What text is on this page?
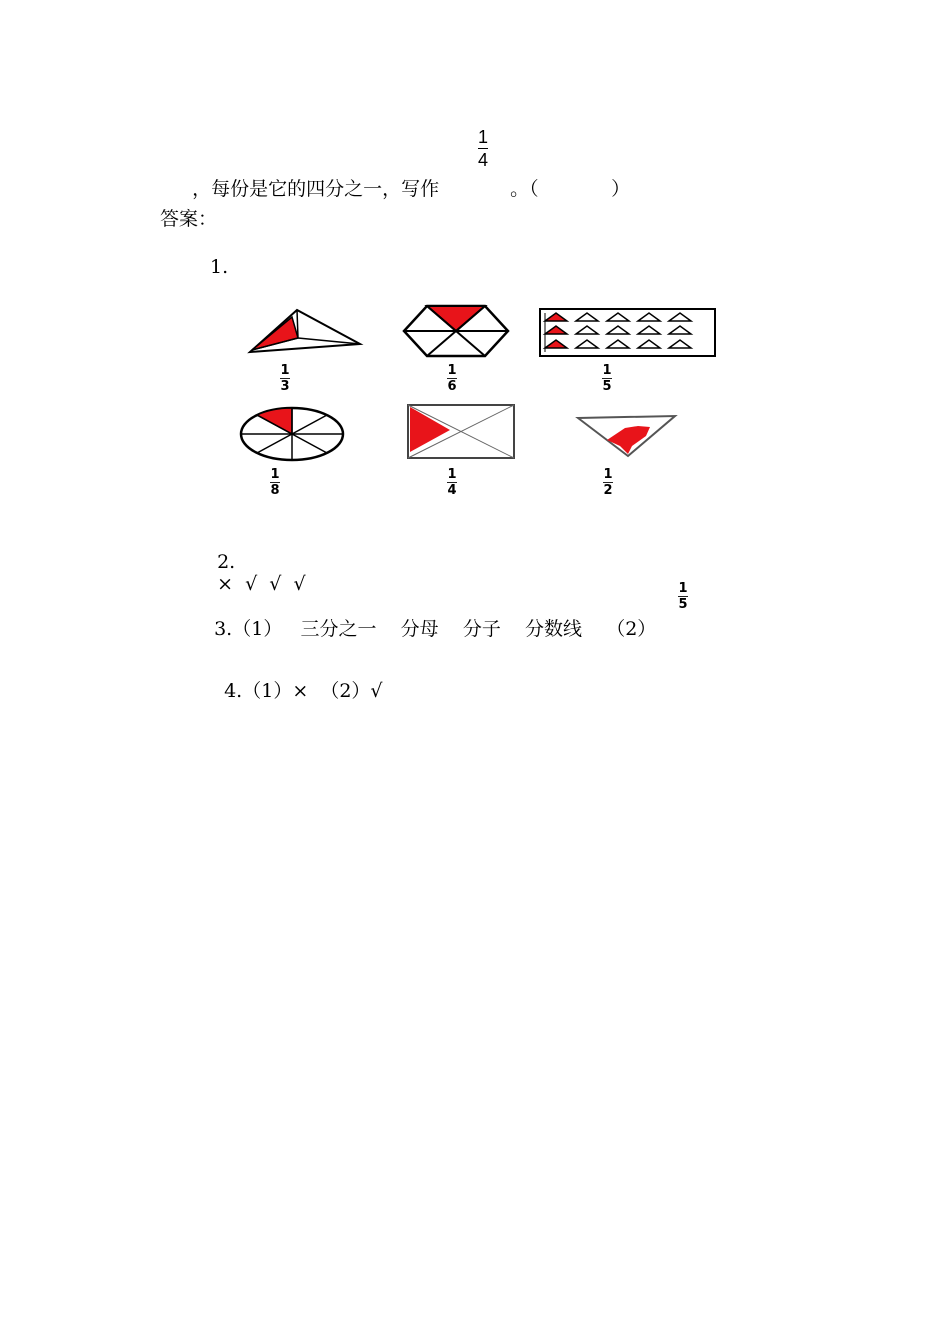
，每份是它的四分之一，写作

1
4

。（            ）

答案：
1.
1
3
1
6
1
5
1
8
1
4
1
2

2.
×  √  √  √

3.（1） 三分之一 分母 分子 分数线 （2）

1
5

4.（1）×  （2）√
